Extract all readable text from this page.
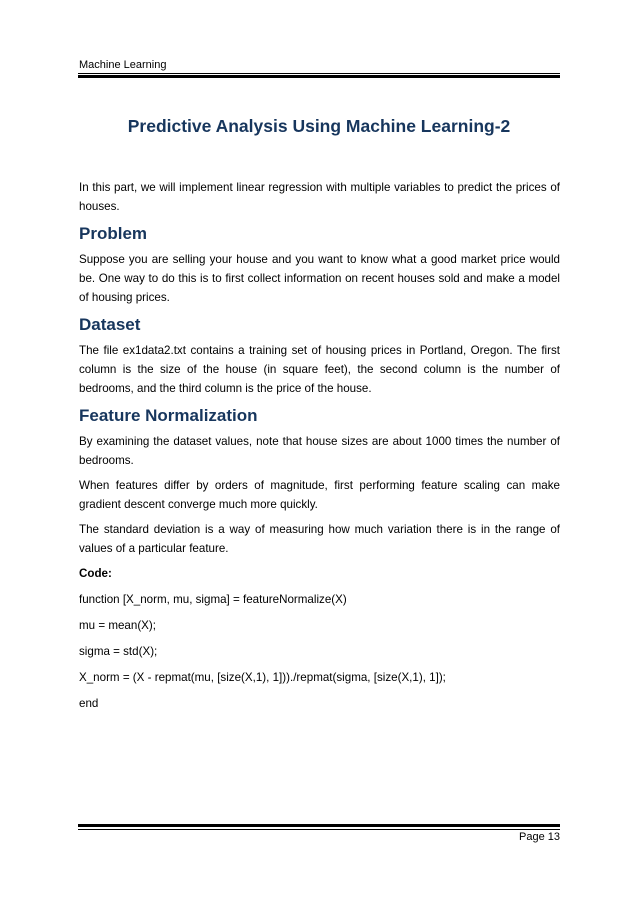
Machine Learning
Predictive Analysis Using Machine Learning-2

In this part, we will implement linear regression with multiple variables to predict the prices of houses.

Problem

Suppose you are selling your house and you want to know what a good market price would be. One way to do this is to first collect information on recent houses sold and make a model of housing prices.

Dataset

The file ex1data2.txt contains a training set of housing prices in Portland, Oregon. The first column is the size of the house (in square feet), the second column is the number of bedrooms, and the third column is the price of the house.

Feature Normalization

By examining the dataset values, note that house sizes are about 1000 times the number of bedrooms.

When features differ by orders of magnitude, first performing feature scaling can make gradient descent converge much more quickly.

The standard deviation is a way of measuring how much variation there is in the range of values of a particular feature.

Code:

function [X_norm, mu, sigma] = featureNormalize(X)

mu = mean(X);

sigma = std(X);

X_norm = (X - repmat(mu, [size(X,1), 1]))./repmat(sigma, [size(X,1), 1]);

end

Page 13
